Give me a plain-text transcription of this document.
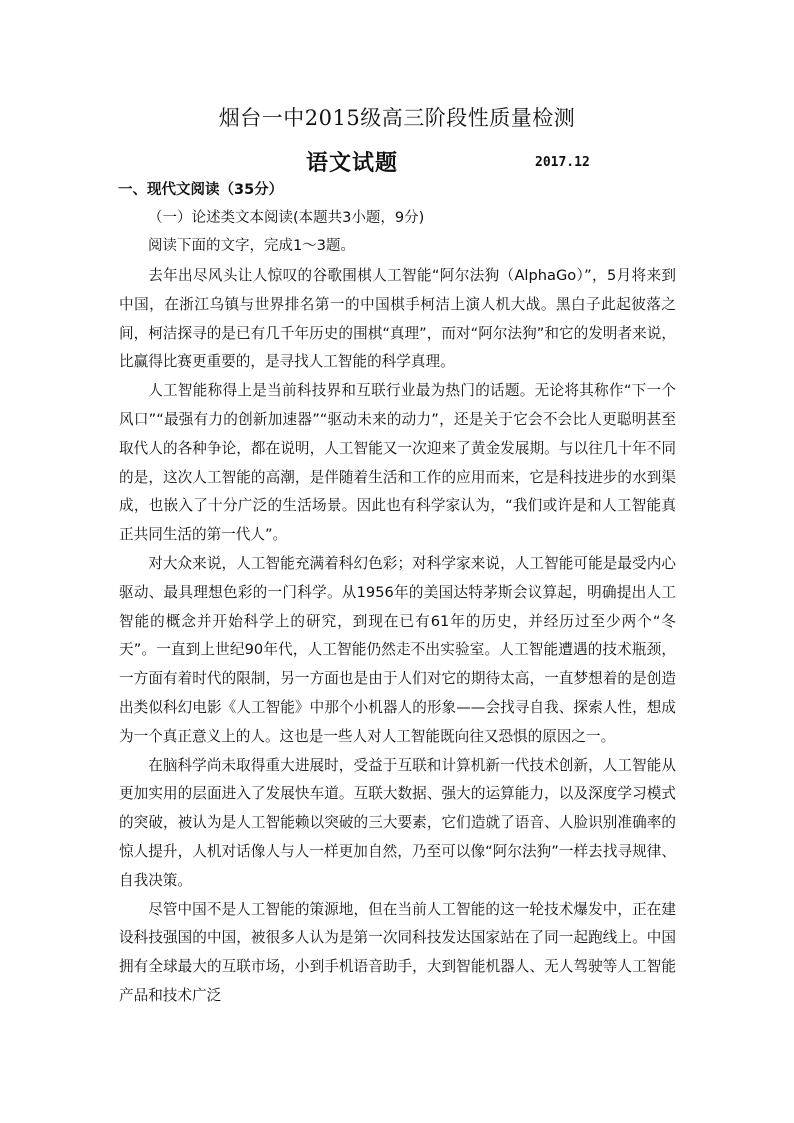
烟台一中2015级高三阶段性质量检测
语文试题	2017.12
一、现代文阅读（35分）

（一）论述类文本阅读(本题共3小题，9分)

阅读下面的文字，完成1～3题。

去年出尽风头让人惊叹的谷歌围棋人工智能“阿尔法狗（AlphaGo）”，5月将来到中国，在浙江乌镇与世界排名第一的中国棋手柯洁上演人机大战。黑白子此起彼落之间，柯洁探寻的是已有几千年历史的围棋“真理”，而对“阿尔法狗”和它的发明者来说，比赢得比赛更重要的，是寻找人工智能的科学真理。

人工智能称得上是当前科技界和互联行业最为热门的话题。无论将其称作“下一个风口”“最强有力的创新加速器”“驱动未来的动力”，还是关于它会不会比人更聪明甚至取代人的各种争论，都在说明，人工智能又一次迎来了黄金发展期。与以往几十年不同的是，这次人工智能的高潮，是伴随着生活和工作的应用而来，它是科技进步的水到渠成，也嵌入了十分广泛的生活场景。因此也有科学家认为，“我们或许是和人工智能真正共同生活的第一代人”。

对大众来说，人工智能充满着科幻色彩；对科学家来说，人工智能可能是最受内心驱动、最具理想色彩的一门科学。从1956年的美国达特茅斯会议算起，明确提出人工智能的概念并开始科学上的研究，到现在已有61年的历史，并经历过至少两个“冬天”。一直到上世纪90年代，人工智能仍然走不出实验室。人工智能遭遇的技术瓶颈，一方面有着时代的限制，另一方面也是由于人们对它的期待太高，一直梦想着的是创造出类似科幻电影《人工智能》中那个小机器人的形象——会找寻自我、探索人性，想成为一个真正意义上的人。这也是一些人对人工智能既向往又恐惧的原因之一。

在脑科学尚未取得重大进展时，受益于互联和计算机新一代技术创新，人工智能从更加实用的层面进入了发展快车道。互联大数据、强大的运算能力，以及深度学习模式的突破，被认为是人工智能赖以突破的三大要素，它们造就了语音、人脸识别准确率的惊人提升，人机对话像人与人一样更加自然，乃至可以像“阿尔法狗”一样去找寻规律、自我决策。

尽管中国不是人工智能的策源地，但在当前人工智能的这一轮技术爆发中，正在建设科技强国的中国，被很多人认为是第一次同科技发达国家站在了同一起跑线上。中国拥有全球最大的互联市场，小到手机语音助手，大到智能机器人、无人驾驶等人工智能产品和技术广泛
